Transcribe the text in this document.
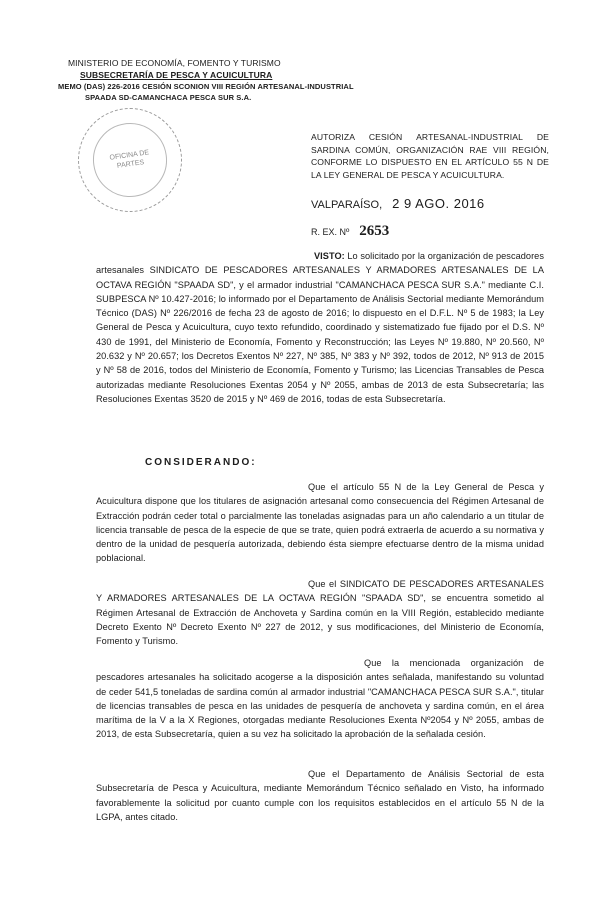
MINISTERIO DE ECONOMÍA, FOMENTO Y TURISMO
SUBSECRETARÍA DE PESCA Y ACUICULTURA
MEMO (DAS) 226-2016 CESIÓN SCONION VIII REGIÓN ARTESANAL-INDUSTRIAL
SPAADA SD-CAMANCHACA PESCA SUR S.A.
OFICINA DE
PARTES
AUTORIZA CESIÓN ARTESANAL-INDUSTRIAL DE SARDINA COMÚN, ORGANIZACIÓN RAE VIII REGIÓN, CONFORME LO DISPUESTO EN EL ARTÍCULO 55 N DE LA LEY GENERAL DE PESCA Y ACUICULTURA.
VALPARAÍSO, 2 9 AGO. 2016
R. EX. Nº 2653
VISTO: Lo solicitado por la organización de pescadores artesanales SINDICATO DE PESCADORES ARTESANALES Y ARMADORES ARTESANALES DE LA OCTAVA REGIÓN "SPAADA SD", y el armador industrial "CAMANCHACA PESCA SUR S.A." mediante C.I. SUBPESCA Nº 10.427-2016; lo informado por el Departamento de Análisis Sectorial mediante Memorándum Técnico (DAS) Nº 226/2016 de fecha 23 de agosto de 2016; lo dispuesto en el D.F.L. Nº 5 de 1983; la Ley General de Pesca y Acuicultura, cuyo texto refundido, coordinado y sistematizado fue fijado por el D.S. Nº 430 de 1991, del Ministerio de Economía, Fomento y Reconstrucción; las Leyes Nº 19.880, Nº 20.560, Nº 20.632 y Nº 20.657; los Decretos Exentos Nº 227, Nº 385, Nº 383 y Nº 392, todos de 2012, Nº 913 de 2015 y Nº 58 de 2016, todos del Ministerio de Economía, Fomento y Turismo; las Licencias Transables de Pesca autorizadas mediante Resoluciones Exentas 2054 y Nº 2055, ambas de 2013 de esta Subsecretaría; las Resoluciones Exentas 3520 de 2015 y Nº 469 de 2016, todas de esta Subsecretaría.
CONSIDERANDO:
Que el artículo 55 N de la Ley General de Pesca y Acuicultura dispone que los titulares de asignación artesanal como consecuencia del Régimen Artesanal de Extracción podrán ceder total o parcialmente las toneladas asignadas para un año calendario a un titular de licencia transable de pesca de la especie de que se trate, quien podrá extraerla de acuerdo a su normativa y dentro de la unidad de pesquería autorizada, debiendo ésta siempre efectuarse dentro de la misma unidad poblacional.
Que el SINDICATO DE PESCADORES ARTESANALES Y ARMADORES ARTESANALES DE LA OCTAVA REGIÓN "SPAADA SD", se encuentra sometido al Régimen Artesanal de Extracción de Anchoveta y Sardina común en la VIII Región, establecido mediante Decreto Exento Nº Decreto Exento Nº 227 de 2012, y sus modificaciones, del Ministerio de Economía, Fomento y Turismo.
Que la mencionada organización de pescadores artesanales ha solicitado acogerse a la disposición antes señalada, manifestando su voluntad de ceder 541,5 toneladas de sardina común al armador industrial "CAMANCHACA PESCA SUR S.A.", titular de licencias transables de pesca en las unidades de pesquería de anchoveta y sardina común, en el área marítima de la V a la X Regiones, otorgadas mediante Resoluciones Exenta Nº2054 y Nº 2055, ambas de 2013, de esta Subsecretaría, quien a su vez ha solicitado la aprobación de la señalada cesión.
Que el Departamento de Análisis Sectorial de esta Subsecretaría de Pesca y Acuicultura, mediante Memorándum Técnico señalado en Visto, ha informado favorablemente la solicitud por cuanto cumple con los requisitos establecidos en el artículo 55 N de la LGPA, antes citado.
